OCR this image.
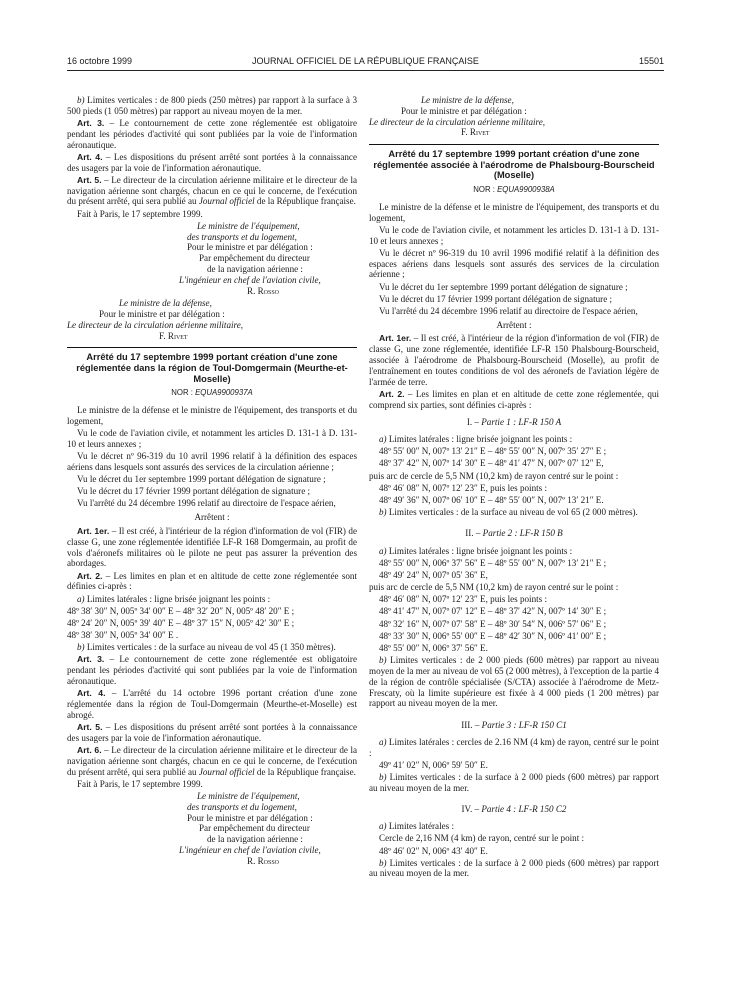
16 octobre 1999	JOURNAL OFFICIEL DE LA RÉPUBLIQUE FRANÇAISE	15501

b) Limites verticales : de 800 pieds (250 mètres) par rapport à la surface à 3 500 pieds (1 050 mètres) par rapport au niveau moyen de la mer.

Art. 3. – Le contournement de cette zone réglementée est obligatoire pendant les périodes d'activité qui sont publiées par la voie de l'information aéronautique.

Art. 4. – Les dispositions du présent arrêté sont portées à la connaissance des usagers par la voie de l'information aéronautique.

Art. 5. – Le directeur de la circulation aérienne militaire et le directeur de la navigation aérienne sont chargés, chacun en ce qui le concerne, de l'exécution du présent arrêté, qui sera publié au Journal officiel de la République française.

Fait à Paris, le 17 septembre 1999.

Le ministre de l'équipement,

des transports et du logement,

Pour le ministre et par délégation :

Par empêchement du directeur

de la navigation aérienne :

L'ingénieur en chef de l'aviation civile,

R. Rosso

Le ministre de la défense,

Pour le ministre et par délégation :

Le directeur de la circulation aérienne militaire,

F. Rivet

Arrêté du 17 septembre 1999 portant création d'une zone réglementée dans la région de Toul-Domgermain (Meurthe-et-Moselle)
NOR : EQUA9900937A

Le ministre de la défense et le ministre de l'équipement, des transports et du logement,

Vu le code de l'aviation civile, et notamment les articles D. 131-1 à D. 131-10 et leurs annexes ;

Vu le décret nº 96-319 du 10 avril 1996 relatif à la définition des espaces aériens dans lesquels sont assurés des services de la circulation aérienne ;

Vu le décret du 1er septembre 1999 portant délégation de signature ;

Vu le décret du 17 février 1999 portant délégation de signature ;

Vu l'arrêté du 24 décembre 1996 relatif au directoire de l'espace aérien,

Arrêtent :

Art. 1er. – Il est créé, à l'intérieur de la région d'information de vol (FIR) de classe G, une zone réglementée identifiée LF-R 168 Domgermain, au profit de vols d'aéronefs militaires où le pilote ne peut pas assurer la prévention des abordages.

Art. 2. – Les limites en plan et en altitude de cette zone réglementée sont définies ci-après :

a) Limites latérales : ligne brisée joignant les points :

48º 38′ 30″ N, 005º 34′ 00″ E – 48º 32′ 20″ N, 005º 48′ 20″ E ;

48º 24′ 20″ N, 005º 39′ 40″ E – 48º 37′ 15″ N, 005º 42′ 30″ E ;

48º 38′ 30″ N, 005º 34′ 00″ E .

b) Limites verticales : de la surface au niveau de vol 45 (1 350 mètres).

Art. 3. – Le contournement de cette zone réglementée est obligatoire pendant les périodes d'activité qui sont publiées par la voie de l'information aéronautique.

Art. 4. – L'arrêté du 14 octobre 1996 portant création d'une zone réglementée dans la région de Toul-Domgermain (Meurthe-et-Moselle) est abrogé.

Art. 5. – Les dispositions du présent arrêté sont portées à la connaissance des usagers par la voie de l'information aéronautique.

Art. 6. – Le directeur de la circulation aérienne militaire et le directeur de la navigation aérienne sont chargés, chacun en ce qui le concerne, de l'exécution du présent arrêté, qui sera publié au Journal officiel de la République française.

Fait à Paris, le 17 septembre 1999.

Le ministre de l'équipement,

des transports et du logement,

Pour le ministre et par délégation :

Par empêchement du directeur

de la navigation aérienne :

L'ingénieur en chef de l'aviation civile,

R. Rosso

Le ministre de la défense,

Pour le ministre et par délégation :

Le directeur de la circulation aérienne militaire,

F. Rivet

Arrêté du 17 septembre 1999 portant création d'une zone réglementée associée à l'aérodrome de Phalsbourg-Bourscheid (Moselle)
NOR : EQUA9900938A

Le ministre de la défense et le ministre de l'équipement, des transports et du logement,

Vu le code de l'aviation civile, et notamment les articles D. 131-1 à D. 131-10 et leurs annexes ;

Vu le décret nº 96-319 du 10 avril 1996 modifié relatif à la définition des espaces aériens dans lesquels sont assurés des services de la circulation aérienne ;

Vu le décret du 1er septembre 1999 portant délégation de signature ;

Vu le décret du 17 février 1999 portant délégation de signature ;

Vu l'arrêté du 24 décembre 1996 relatif au directoire de l'espace aérien,

Arrêtent :

Art. 1er. – Il est créé, à l'intérieur de la région d'information de vol (FIR) de classe G, une zone réglementée, identifiée LF-R 150 Phalsbourg-Bourscheid, associée à l'aérodrome de Phalsbourg-Bourscheid (Moselle), au profit de l'entraînement en toutes conditions de vol des aéronefs de l'aviation légère de l'armée de terre.

Art. 2. – Les limites en plan et en altitude de cette zone réglementée, qui comprend six parties, sont définies ci-après :

I. – Partie 1 : LF-R 150 A

a) Limites latérales : ligne brisée joignant les points :

48º 55′ 00″ N, 007º 13′ 21″ E – 48º 55′ 00″ N, 007º 35′ 27″ E ;

48º 37′ 42″ N, 007º 14′ 30″ E – 48º 41′ 47″ N, 007º 07′ 12″ E,

puis arc de cercle de 5,5 NM (10,2 km) de rayon centré sur le point :

48º 46′ 08″ N, 007º 12′ 23″ E, puis les points :

48º 49′ 36″ N, 007º 06′ 10″ E – 48º 55′ 00″ N, 007º 13′ 21″ E.

b) Limites verticales : de la surface au niveau de vol 65 (2 000 mètres).

II. – Partie 2 : LF-R 150 B

a) Limites latérales : ligne brisée joignant les points :

48º 55′ 00″ N, 006º 37′ 56″ E – 48º 55′ 00″ N, 007º 13′ 21″ E ;

48º 49′ 24″ N, 007º 05′ 36″ E,

puis arc de cercle de 5,5 NM (10,2 km) de rayon centré sur le point :

48º 46′ 08″ N, 007º 12′ 23″ E, puis les points :

48º 41′ 47″ N, 007º 07′ 12″ E – 48º 37′ 42″ N, 007º 14′ 30″ E ;

48º 32′ 16″ N, 007º 07′ 58″ E – 48º 30′ 54″ N, 006º 57′ 06″ E ;

48º 33′ 30″ N, 006º 55′ 00″ E – 48º 42′ 30″ N, 006º 41′ 00″ E ;

48º 55′ 00″ N, 006º 37′ 56″ E.

b) Limites verticales : de 2 000 pieds (600 mètres) par rapport au niveau moyen de la mer au niveau de vol 65 (2 000 mètres), à l'exception de la partie 4 de la région de contrôle spécialisée (S/CTA) associée à l'aérodrome de Metz-Frescaty, où la limite supérieure est fixée à 4 000 pieds (1 200 mètres) par rapport au niveau moyen de la mer.

III. – Partie 3 : LF-R 150 C1

a) Limites latérales : cercles de 2.16 NM (4 km) de rayon, centré sur le point :

49º 41′ 02″ N, 006º 59′ 50″ E.

b) Limites verticales : de la surface à 2 000 pieds (600 mètres) par rapport au niveau moyen de la mer.

IV. – Partie 4 : LF-R 150 C2

a) Limites latérales :

Cercle de 2,16 NM (4 km) de rayon, centré sur le point :

48º 46′ 02″ N, 006º 43′ 40″ E.

b) Limites verticales : de la surface à 2 000 pieds (600 mètres) par rapport au niveau moyen de la mer.
